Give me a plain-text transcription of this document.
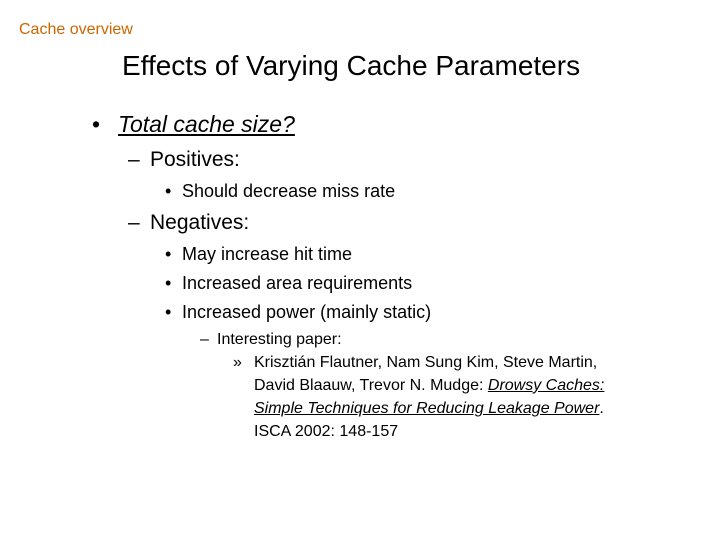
Cache overview
Effects of Varying Cache Parameters
• Total cache size?
– Positives:
• Should decrease miss rate
– Negatives:
• May increase hit time
• Increased area requirements
• Increased power (mainly static)
– Interesting paper:
» Krisztián Flautner, Nam Sung Kim, Steve Martin,
David Blaauw, Trevor N. Mudge: Drowsy Caches:
Simple Techniques for Reducing Leakage Power.
ISCA 2002: 148-157
